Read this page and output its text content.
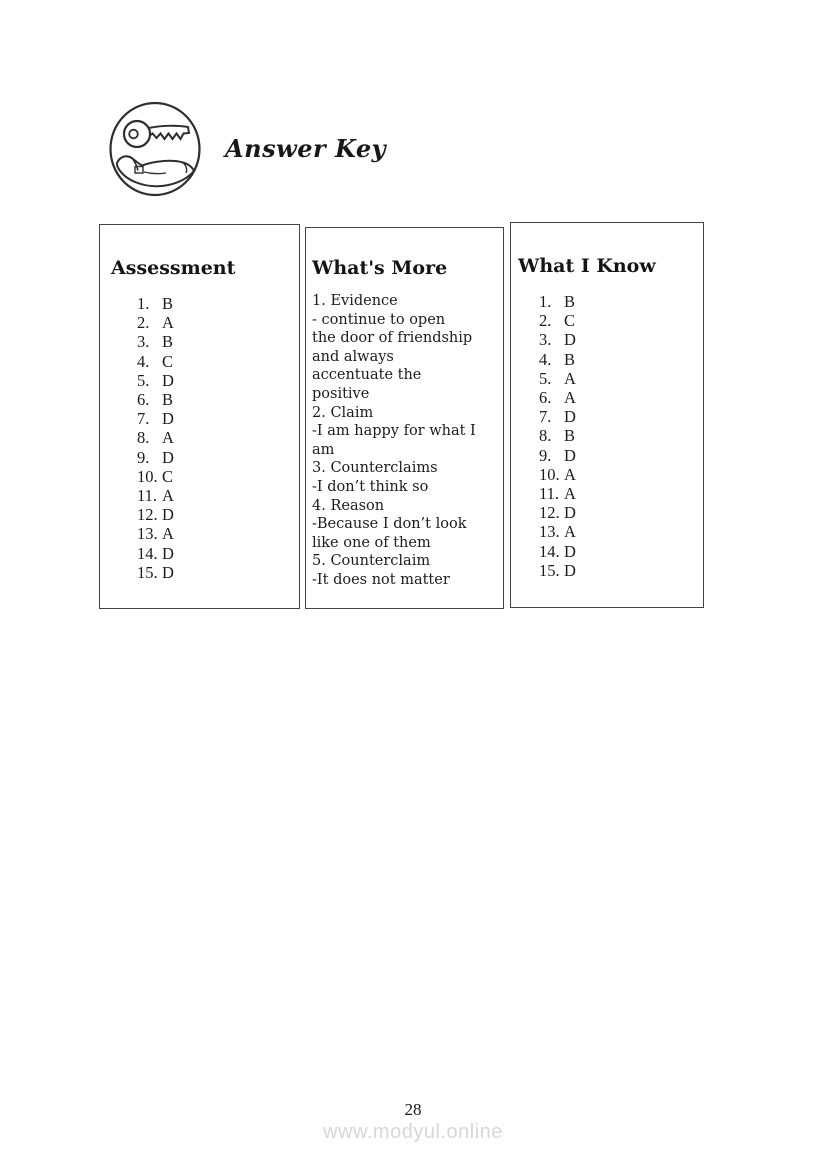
Answer Key
Assessment
1. B
2. A
3. B
4. C
5. D
6. B
7. D
8. A
9. D
10. C
11. A
12. D
13. A
14. D
15. D
What's More
1. Evidence
- continue to open
the door of friendship
and always
accentuate the
positive
2. Claim
-I am happy for what I
am
3. Counterclaims
-I don’t think so
4. Reason
-Because I don’t look
like one of them
5. Counterclaim
-It does not matter
What I Know
1. B
2. C
3. D
4. B
5. A
6. A
7. D
8. B
9. D
10. A
11. A
12. D
13. A
14. D
15. D
28
www.modyul.online
